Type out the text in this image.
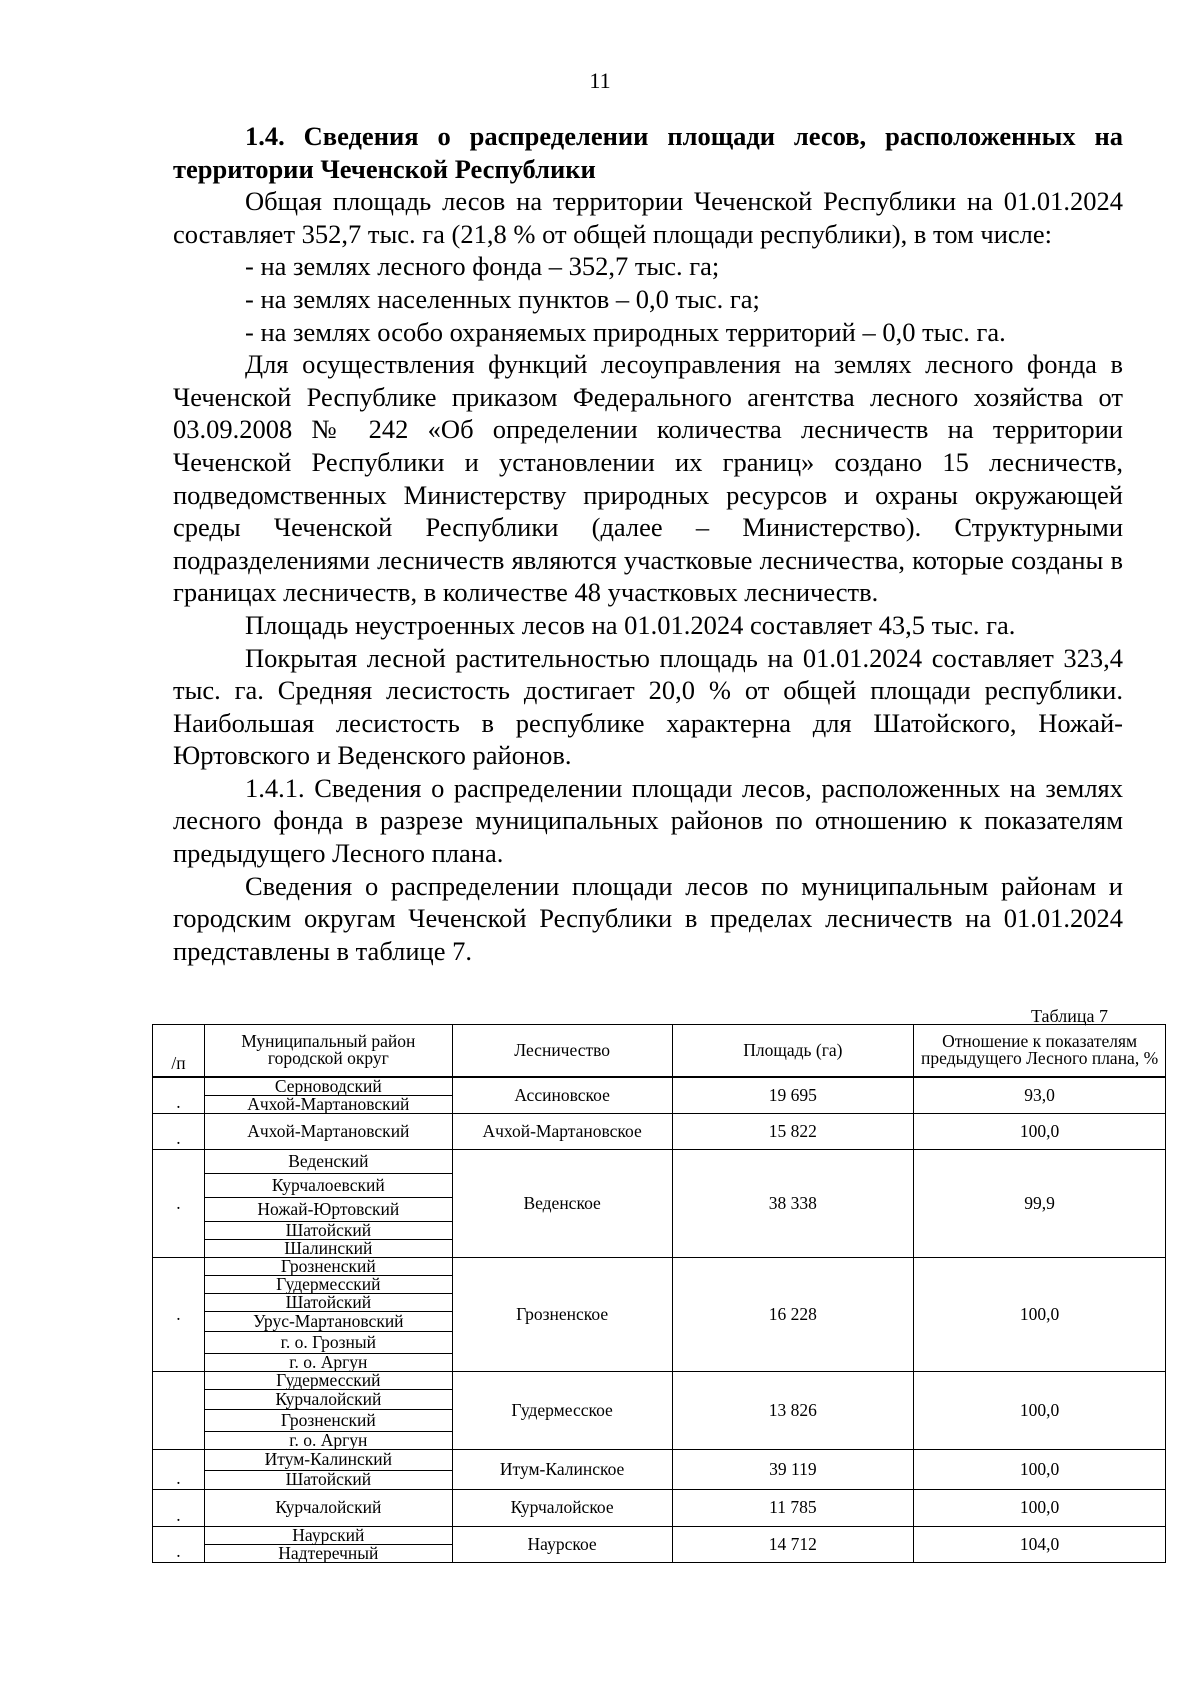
11

1.4. Сведения о распределении площади лесов, расположенных на территории Чеченской Республики

Общая площадь лесов на территории Чеченской Республики на 01.01.2024 составляет 352,7 тыс. га (21,8 % от общей площади республики), в том числе:

- на землях лесного фонда – 352,7 тыс. га;

- на землях населенных пунктов – 0,0 тыс. га;

- на землях особо охраняемых природных территорий – 0,0 тыс. га.

Для осуществления функций лесоуправления на землях лесного фонда в Чеченской Республике приказом Федерального агентства лесного хозяйства от 03.09.2008 № 242 «Об определении количества лесничеств на территории Чеченской Республики и установлении их границ» создано 15 лесничеств, подведомственных Министерству природных ресурсов и охраны окружающей среды Чеченской Республики (далее – Министерство). Структурными подразделениями лесничеств являются участковые лесничества, которые созданы в границах лесничеств, в количестве 48 участковых лесничеств.

Площадь неустроенных лесов на 01.01.2024 составляет 43,5 тыс. га.

Покрытая лесной растительностью площадь на 01.01.2024 составляет 323,4 тыс. га. Средняя лесистость достигает 20,0 % от общей площади республики. Наибольшая лесистость в республике характерна для Шатойского, Ножай-Юртовского и Веденского районов.

1.4.1. Сведения о распределении площади лесов, расположенных на землях лесного фонда в разрезе муниципальных районов по отношению к показателям предыдущего Лесного плана.

Сведения о распределении площади лесов по муниципальным районам и городским округам Чеченской Республики в пределах лесничеств на 01.01.2024 представлены в таблице 7.

Таблица 7
/п	Муниципальный район городской округ	Лесничество	Площадь (га)	Отношение к показателям предыдущего Лесного плана, %
.	Серноводский	Ассиновское	19 695	93,0
	Ачхой-Мартановский			
.	Ачхой-Мартановский	Ачхой-Мартановское	15 822	100,0
.	Веденский	Веденское	38 338	99,9
	Курчалоевский			
	Ножай-Юртовский			
	Шатойский			
	Шалинский			
.	Грозненский	Грозненское	16 228	100,0
	Гудермесский			
	Шатойский			
	Урус-Мартановский			
	г. о. Грозный			
	г. о. Аргун			
	Гудермесский	Гудермесское	13 826	100,0
	Курчалойский			
	Грозненский			
	г. о. Аргун			
.	Итум-Калинский	Итум-Калинское	39 119	100,0
	Шатойский			
.	Курчалойский	Курчалойское	11 785	100,0
.	Наурский	Наурское	14 712	104,0
	Надтеречный			
